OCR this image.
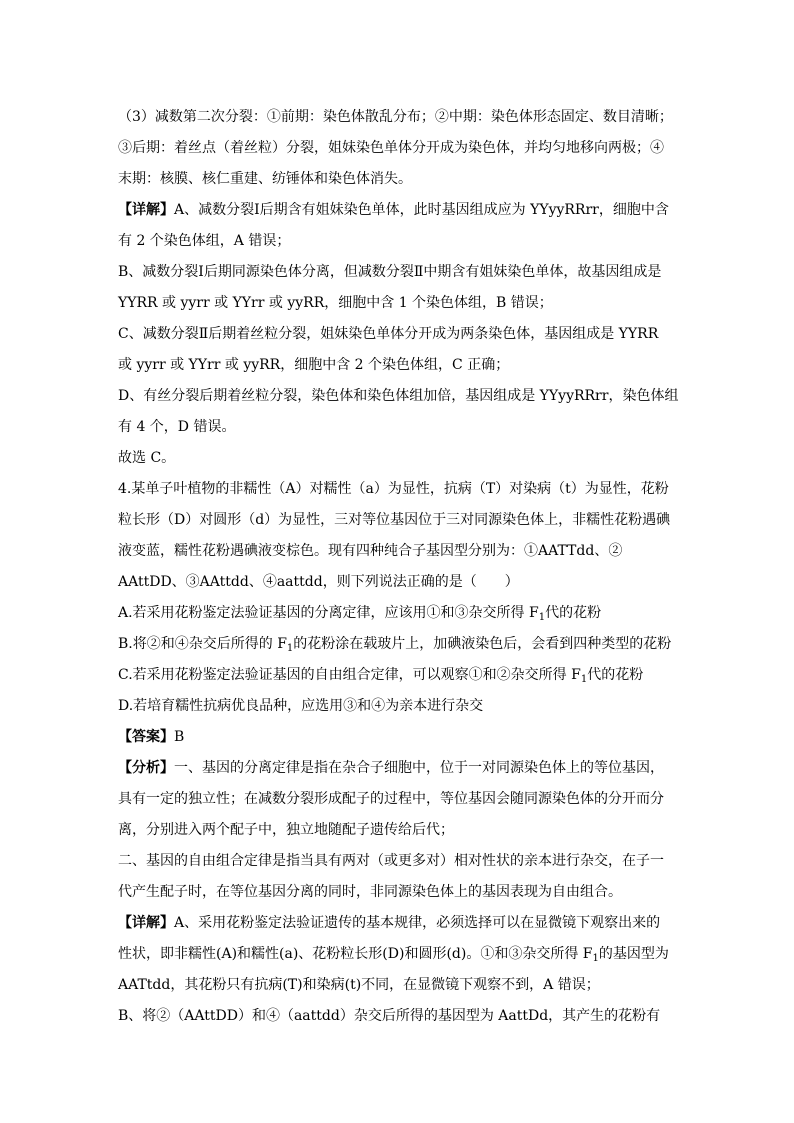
（3）减数第二次分裂：①前期：染色体散乱分布；②中期：染色体形态固定、数目清晰；

③后期：着丝点（着丝粒）分裂，姐妹染色单体分开成为染色体，并均匀地移向两极；④

末期：核膜、核仁重建、纺锤体和染色体消失。

【详解】A、减数分裂Ⅰ后期含有姐妹染色单体，此时基因组成应为 YYyyRRrr，细胞中含

有 2 个染色体组，A 错误；

B、减数分裂Ⅰ后期同源染色体分离，但减数分裂Ⅱ中期含有姐妹染色单体，故基因组成是

YYRR 或 yyrr 或 YYrr 或 yyRR，细胞中含 1 个染色体组，B 错误；

C、减数分裂Ⅱ后期着丝粒分裂，姐妹染色单体分开成为两条染色体，基因组成是 YYRR

或 yyrr 或 YYrr 或 yyRR，细胞中含 2 个染色体组，C 正确；

D、有丝分裂后期着丝粒分裂，染色体和染色体组加倍，基因组成是 YYyyRRrr，染色体组

有 4 个，D 错误。

故选 C。

4.某单子叶植物的非糯性（A）对糯性（a）为显性，抗病（T）对染病（t）为显性，花粉

粒长形（D）对圆形（d）为显性，三对等位基因位于三对同源染色体上，非糯性花粉遇碘

液变蓝，糯性花粉遇碘液变棕色。现有四种纯合子基因型分别为：①AATTdd、②

AAttDD、③AAttdd、④aattdd，则下列说法正确的是（　　）

A.若采用花粉鉴定法验证基因的分离定律，应该用①和③杂交所得 $F_1$代的花粉

B.将②和④杂交后所得的 $F_1$的花粉涂在载玻片上，加碘液染色后，会看到四种类型的花粉

C.若采用花粉鉴定法验证基因的自由组合定律，可以观察①和②杂交所得 $F_1$代的花粉

D.若培育糯性抗病优良品种，应选用③和④为亲本进行杂交

【答案】B

【分析】一、基因的分离定律是指在杂合子细胞中，位于一对同源染色体上的等位基因，

具有一定的独立性；在减数分裂形成配子的过程中，等位基因会随同源染色体的分开而分

离，分别进入两个配子中，独立地随配子遗传给后代；

二、基因的自由组合定律是指当具有两对（或更多对）相对性状的亲本进行杂交，在子一

代产生配子时，在等位基因分离的同时，非同源染色体上的基因表现为自由组合。

【详解】A、采用花粉鉴定法验证遗传的基本规律，必须选择可以在显微镜下观察出来的

性状，即非糯性(A)和糯性(a)、花粉粒长形(D)和圆形(d)。①和③杂交所得 $F_1$的基因型为

AATtdd，其花粉只有抗病(T)和染病(t)不同，在显微镜下观察不到，A 错误；

B、将②（AAttDD）和④（aattdd）杂交后所得的基因型为 AattDd，其产生的花粉有
